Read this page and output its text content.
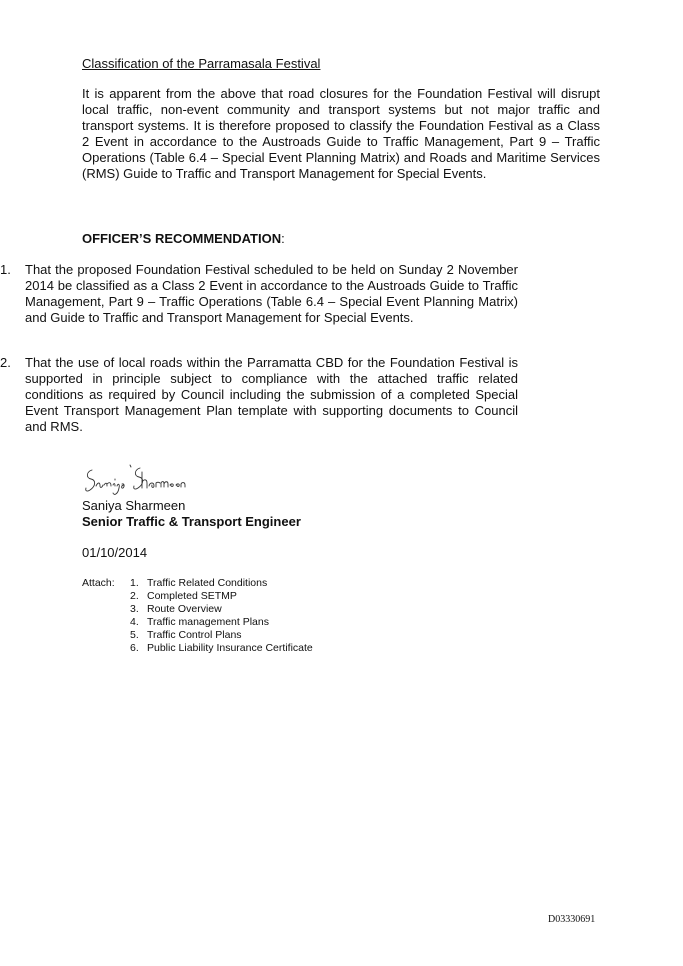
Classification of the Parramasala Festival

It is apparent from the above that road closures for the Foundation Festival will disrupt local traffic, non-event community and transport systems but not major traffic and transport systems. It is therefore proposed to classify the Foundation Festival as a Class 2 Event in accordance to the Austroads Guide to Traffic Management, Part 9 – Traffic Operations (Table 6.4 – Special Event Planning Matrix) and Roads and Maritime Services (RMS) Guide to Traffic and Transport Management for Special Events.

OFFICER’S RECOMMENDATION:
1. That the proposed Foundation Festival scheduled to be held on Sunday 2 November 2014 be classified as a Class 2 Event in accordance to the Austroads Guide to Traffic Management, Part 9 – Traffic Operations (Table 6.4 – Special Event Planning Matrix) and Guide to Traffic and Transport Management for Special Events.
2. That the use of local roads within the Parramatta CBD for the Foundation Festival is supported in principle subject to compliance with the attached traffic related conditions as required by Council including the submission of a completed Special Event Transport Management Plan template with supporting documents to Council and RMS.
Saniya Sharmeen
Senior Traffic & Transport Engineer
01/10/2014
Attach: 1. Traffic Related Conditions
2. Completed SETMP
3. Route Overview
4. Traffic management Plans
5. Traffic Control Plans
6. Public Liability Insurance Certificate
D03330691
